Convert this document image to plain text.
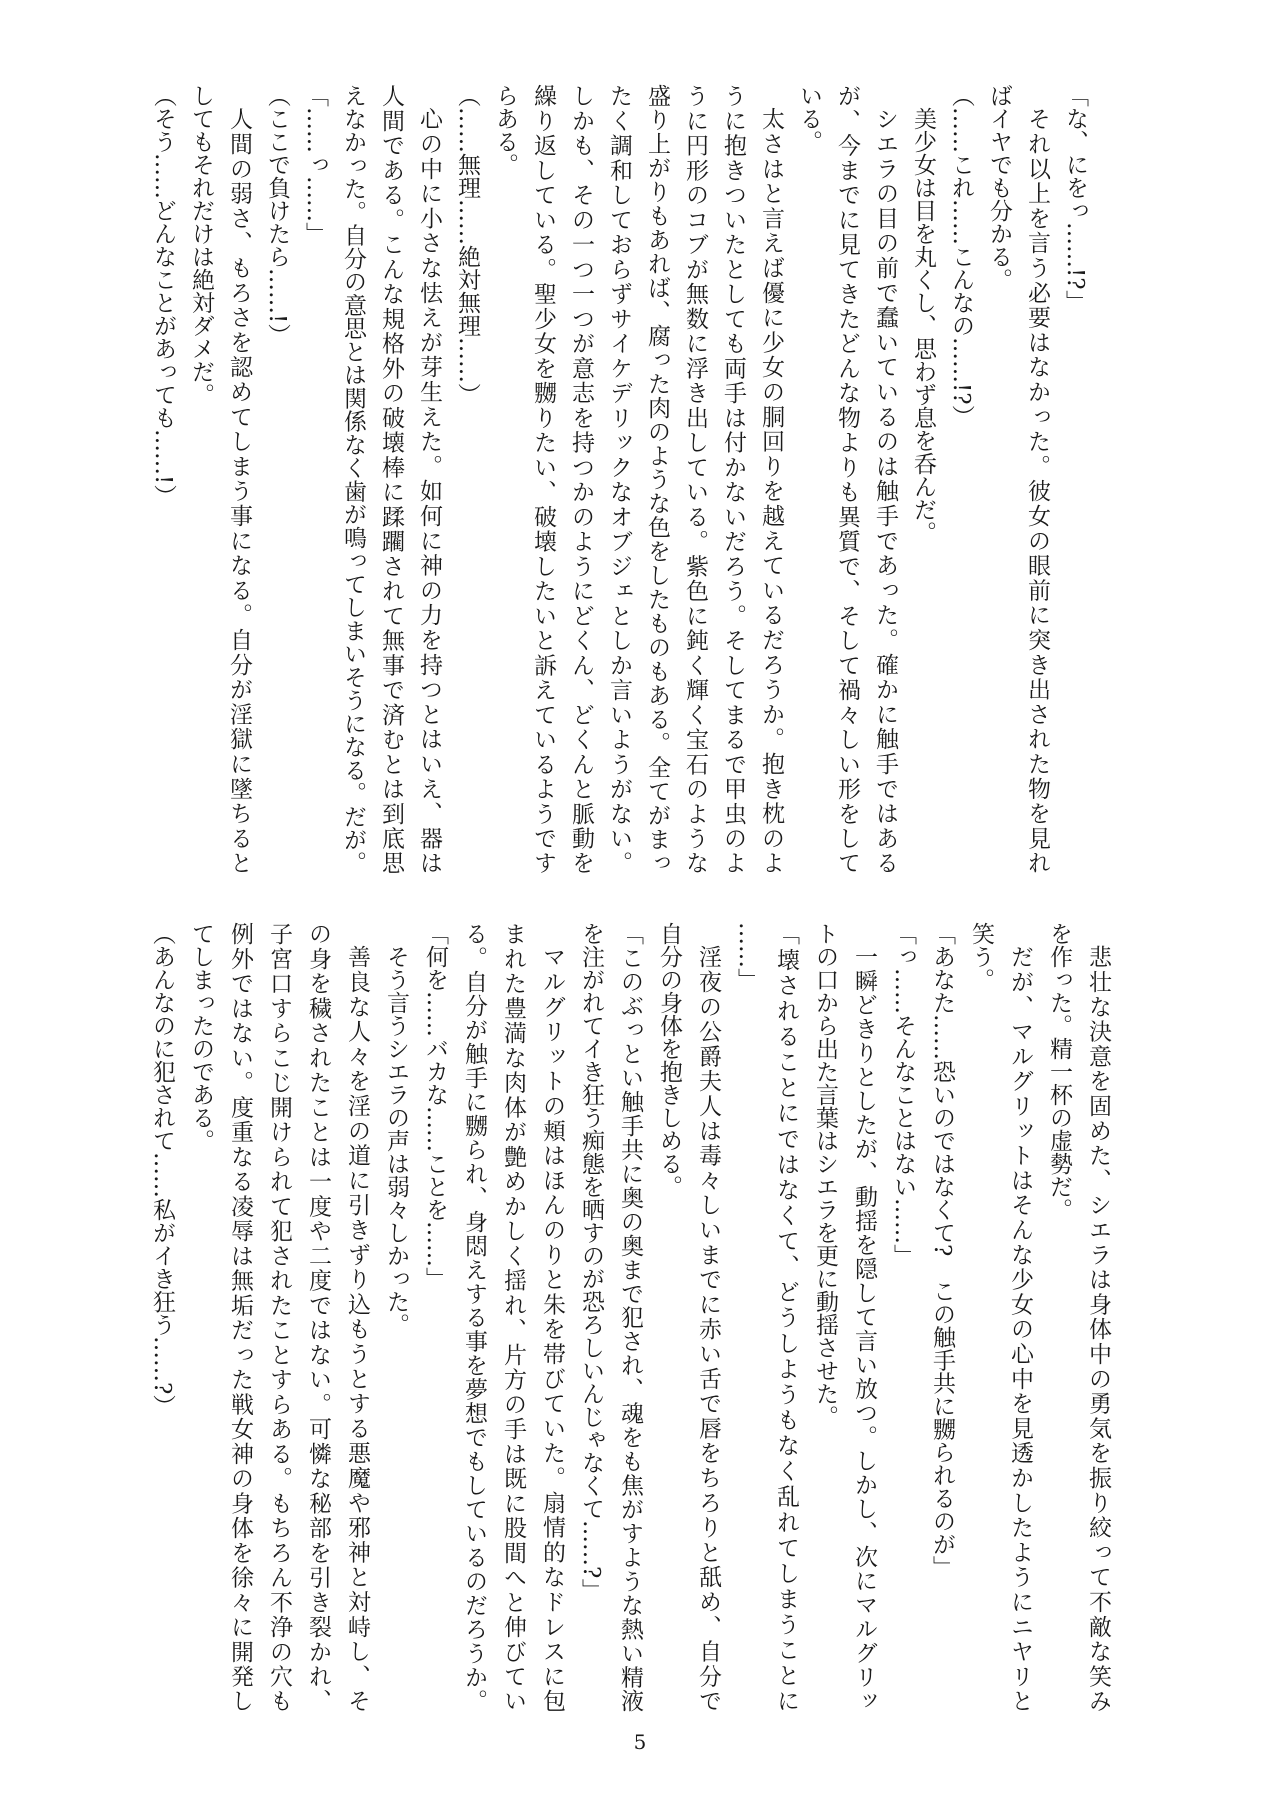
「な、にをっ……!?」
それ以上を言う必要はなかった。彼女の眼前に突き出された物を見れ
ばイヤでも分かる。
（……これ……こんなの……!?）
美少女は目を丸くし、思わず息を呑んだ。
シエラの目の前で蠢いているのは触手であった。確かに触手ではある
が、今までに見てきたどんな物よりも異質で、そして禍々しい形をして
いる。
太さはと言えば優に少女の胴回りを越えているだろうか。抱き枕のよ
うに抱きついたとしても両手は付かないだろう。そしてまるで甲虫のよ
うに円形のコブが無数に浮き出している。紫色に鈍く輝く宝石のような
盛り上がりもあれば、腐った肉のような色をしたものもある。全てがまっ
たく調和しておらずサイケデリックなオブジェとしか言いようがない。
しかも、その一つ一つが意志を持つかのようにどくん、どくんと脈動を
繰り返している。聖少女を嬲りたい、破壊したいと訴えているようです
らある。
（……無理……絶対無理……）
心の中に小さな怯えが芽生えた。如何に神の力を持つとはいえ、器は
人間である。こんな規格外の破壊棒に蹂躙されて無事で済むとは到底思
えなかった。自分の意思とは関係なく歯が鳴ってしまいそうになる。だが。
「……っ……」
（ここで負けたら……!）
人間の弱さ、もろさを認めてしまう事になる。自分が淫獄に墜ちると
してもそれだけは絶対ダメだ。
（そう……どんなことがあっても……!）
悲壮な決意を固めた、シエラは身体中の勇気を振り絞って不敵な笑み
を作った。精一杯の虚勢だ。
だが、マルグリットはそんな少女の心中を見透かしたようにニヤリと
笑う。
「あなた……恐いのではなくて?　この触手共に嬲られるのが」
「っ……そんなことはない……」
一瞬どきりとしたが、動揺を隠して言い放つ。しかし、次にマルグリッ
トの口から出た言葉はシエラを更に動揺させた。
「壊されることにではなくて、どうしようもなく乱れてしまうことに
……」
淫夜の公爵夫人は毒々しいまでに赤い舌で唇をちろりと舐め、自分で
自分の身体を抱きしめる。
「このぶっとい触手共に奥の奥まで犯され、魂をも焦がすような熱い精液
を注がれてイき狂う痴態を晒すのが恐ろしいんじゃなくて……?」
マルグリットの頬はほんのりと朱を帯びていた。扇情的なドレスに包
まれた豊満な肉体が艶めかしく揺れ、片方の手は既に股間へと伸びてい
る。自分が触手に嬲られ、身悶えする事を夢想でもしているのだろうか。
「何を……バカな……ことを……」
そう言うシエラの声は弱々しかった。
善良な人々を淫の道に引きずり込もうとする悪魔や邪神と対峙し、そ
の身を穢されたことは一度や二度ではない。可憐な秘部を引き裂かれ、
子宮口すらこじ開けられて犯されたことすらある。もちろん不浄の穴も
例外ではない。度重なる凌辱は無垢だった戦女神の身体を徐々に開発し
てしまったのである。
（あんなのに犯されて……私がイき狂う……?）
5
